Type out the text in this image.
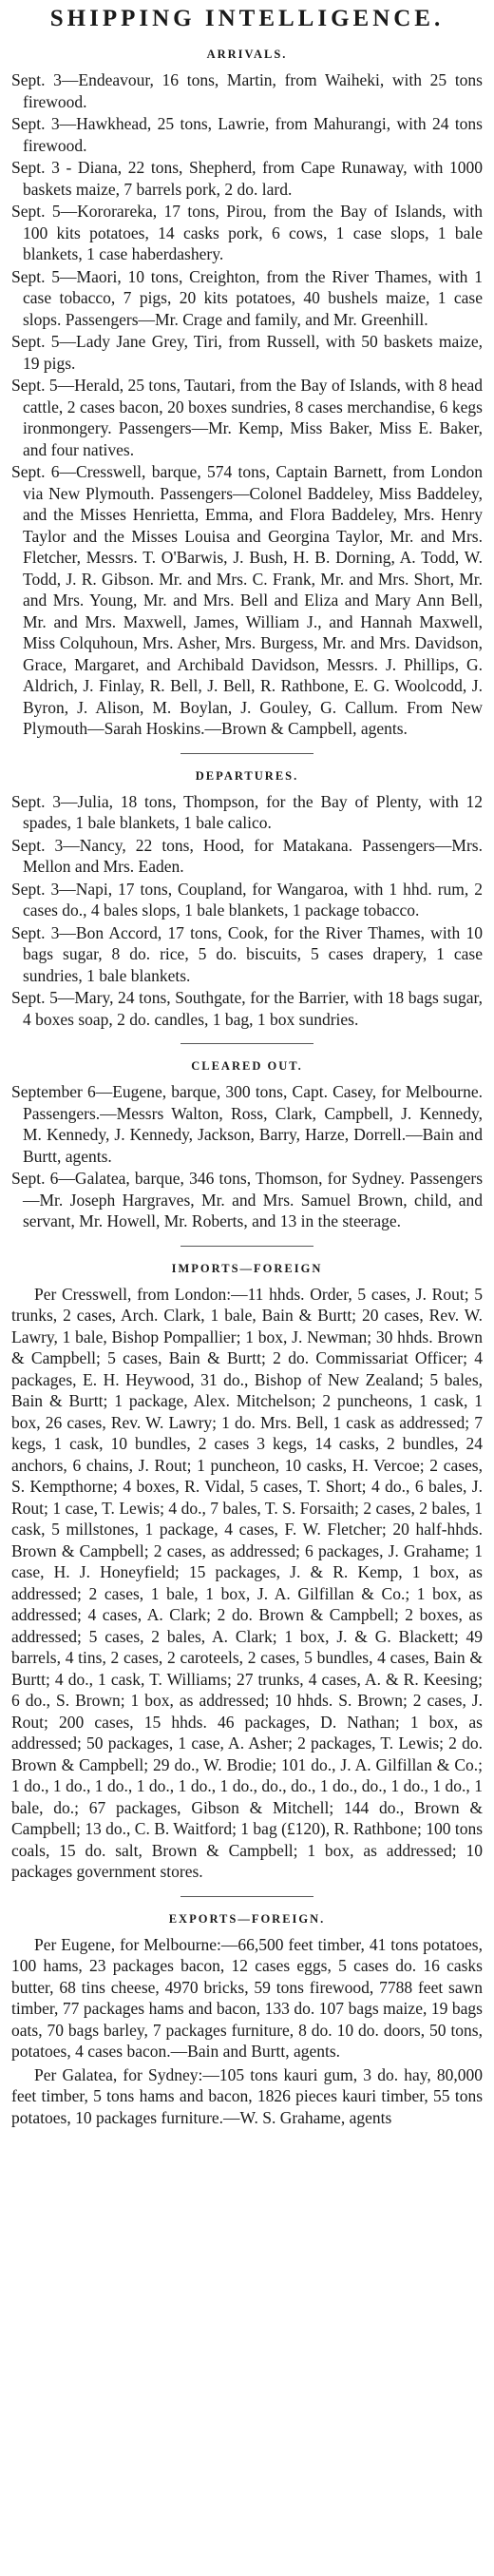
SHIPPING INTELLIGENCE.
ARRIVALS.

Sept. 3—Endeavour, 16 tons, Martin, from Waiheki, with 25 tons firewood.

Sept. 3—Hawkhead, 25 tons, Lawrie, from Mahurangi, with 24 tons firewood.

Sept. 3 - Diana, 22 tons, Shepherd, from Cape Runaway, with 1000 baskets maize, 7 barrels pork, 2 do. lard.

Sept. 5—Kororareka, 17 tons, Pirou, from the Bay of Islands, with 100 kits potatoes, 14 casks pork, 6 cows, 1 case slops, 1 bale blankets, 1 case haberdashery.

Sept. 5—Maori, 10 tons, Creighton, from the River Thames, with 1 case tobacco, 7 pigs, 20 kits potatoes, 40 bushels maize, 1 case slops. Passengers—Mr. Crage and family, and Mr. Greenhill.

Sept. 5—Lady Jane Grey, Tiri, from Russell, with 50 baskets maize, 19 pigs.

Sept. 5—Herald, 25 tons, Tautari, from the Bay of Islands, with 8 head cattle, 2 cases bacon, 20 boxes sundries, 8 cases merchandise, 6 kegs ironmongery. Passengers—Mr. Kemp, Miss Baker, Miss E. Baker, and four natives.

Sept. 6—Cresswell, barque, 574 tons, Captain Barnett, from London via New Plymouth. Passengers—Colonel Baddeley, Miss Baddeley, and the Misses Henrietta, Emma, and Flora Baddeley, Mrs. Henry Taylor and the Misses Louisa and Georgina Taylor, Mr. and Mrs. Fletcher, Messrs. T. O'Barwis, J. Bush, H. B. Dorning, A. Todd, W. Todd, J. R. Gibson. Mr. and Mrs. C. Frank, Mr. and Mrs. Short, Mr. and Mrs. Young, Mr. and Mrs. Bell and Eliza and Mary Ann Bell, Mr. and Mrs. Maxwell, James, William J., and Hannah Maxwell, Miss Colquhoun, Mrs. Asher, Mrs. Burgess, Mr. and Mrs. Davidson, Grace, Margaret, and Archibald Davidson, Messrs. J. Phillips, G. Aldrich, J. Finlay, R. Bell, J. Bell, R. Rathbone, E. G. Woolcodd, J. Byron, J. Alison, M. Boylan, J. Gouley, G. Callum. From New Plymouth—Sarah Hoskins.—Brown & Campbell, agents.

DEPARTURES.

Sept. 3—Julia, 18 tons, Thompson, for the Bay of Plenty, with 12 spades, 1 bale blankets, 1 bale calico.

Sept. 3—Nancy, 22 tons, Hood, for Matakana. Passengers—Mrs. Mellon and Mrs. Eaden.

Sept. 3—Napi, 17 tons, Coupland, for Wangaroa, with 1 hhd. rum, 2 cases do., 4 bales slops, 1 bale blankets, 1 package tobacco.

Sept. 3—Bon Accord, 17 tons, Cook, for the River Thames, with 10 bags sugar, 8 do. rice, 5 do. biscuits, 5 cases drapery, 1 case sundries, 1 bale blankets.

Sept. 5—Mary, 24 tons, Southgate, for the Barrier, with 18 bags sugar, 4 boxes soap, 2 do. candles, 1 bag, 1 box sundries.

CLEARED OUT.

September 6—Eugene, barque, 300 tons, Capt. Casey, for Melbourne. Passengers.—Messrs Walton, Ross, Clark, Campbell, J. Kennedy, M. Kennedy, J. Kennedy, Jackson, Barry, Harze, Dorrell.—Bain and Burtt, agents.

Sept. 6—Galatea, barque, 346 tons, Thomson, for Sydney. Passengers—Mr. Joseph Hargraves, Mr. and Mrs. Samuel Brown, child, and servant, Mr. Howell, Mr. Roberts, and 13 in the steerage.

IMPORTS—FOREIGN

Per Cresswell, from London:—11 hhds. Order, 5 cases, J. Rout; 5 trunks, 2 cases, Arch. Clark, 1 bale, Bain & Burtt; 20 cases, Rev. W. Lawry, 1 bale, Bishop Pompallier; 1 box, J. Newman; 30 hhds. Brown & Campbell; 5 cases, Bain & Burtt; 2 do. Commissariat Officer; 4 packages, E. H. Heywood, 31 do., Bishop of New Zealand; 5 bales, Bain & Burtt; 1 package, Alex. Mitchelson; 2 puncheons, 1 cask, 1 box, 26 cases, Rev. W. Lawry; 1 do. Mrs. Bell, 1 cask as addressed; 7 kegs, 1 cask, 10 bundles, 2 cases 3 kegs, 14 casks, 2 bundles, 24 anchors, 6 chains, J. Rout; 1 puncheon, 10 casks, H. Vercoe; 2 cases, S. Kempthorne; 4 boxes, R. Vidal, 5 cases, T. Short; 4 do., 6 bales, J. Rout; 1 case, T. Lewis; 4 do., 7 bales, T. S. Forsaith; 2 cases, 2 bales, 1 cask, 5 millstones, 1 package, 4 cases, F. W. Fletcher; 20 half-hhds. Brown & Campbell; 2 cases, as addressed; 6 packages, J. Grahame; 1 case, H. J. Honeyfield; 15 packages, J. & R. Kemp, 1 box, as addressed; 2 cases, 1 bale, 1 box, J. A. Gilfillan & Co.; 1 box, as addressed; 4 cases, A. Clark; 2 do. Brown & Campbell; 2 boxes, as addressed; 5 cases, 2 bales, A. Clark; 1 box, J. & G. Blackett; 49 barrels, 4 tins, 2 cases, 2 caroteels, 2 cases, 5 bundles, 4 cases, Bain & Burtt; 4 do., 1 cask, T. Williams; 27 trunks, 4 cases, A. & R. Keesing; 6 do., S. Brown; 1 box, as addressed; 10 hhds. S. Brown; 2 cases, J. Rout; 200 cases, 15 hhds. 46 packages, D. Nathan; 1 box, as addressed; 50 packages, 1 case, A. Asher; 2 packages, T. Lewis; 2 do. Brown & Campbell; 29 do., W. Brodie; 101 do., J. A. Gilfillan & Co.; 1 do., 1 do., 1 do., 1 do., 1 do., 1 do., do., do., 1 do., do., 1 do., 1 do., 1 bale, do.; 67 packages, Gibson & Mitchell; 144 do., Brown & Campbell; 13 do., C. B. Waitford; 1 bag (£120), R. Rathbone; 100 tons coals, 15 do. salt, Brown & Campbell; 1 box, as addressed; 10 packages government stores.

EXPORTS—FOREIGN.

Per Eugene, for Melbourne:—66,500 feet timber, 41 tons potatoes, 100 hams, 23 packages bacon, 12 cases eggs, 5 cases do. 16 casks butter, 68 tins cheese, 4970 bricks, 59 tons firewood, 7788 feet sawn timber, 77 packages hams and bacon, 133 do. 107 bags maize, 19 bags oats, 70 bags barley, 7 packages furniture, 8 do. 10 do. doors, 50 tons, potatoes, 4 cases bacon.—Bain and Burtt, agents.

Per Galatea, for Sydney:—105 tons kauri gum, 3 do. hay, 80,000 feet timber, 5 tons hams and bacon, 1826 pieces kauri timber, 55 tons potatoes, 10 packages furniture.—W. S. Grahame, agents
